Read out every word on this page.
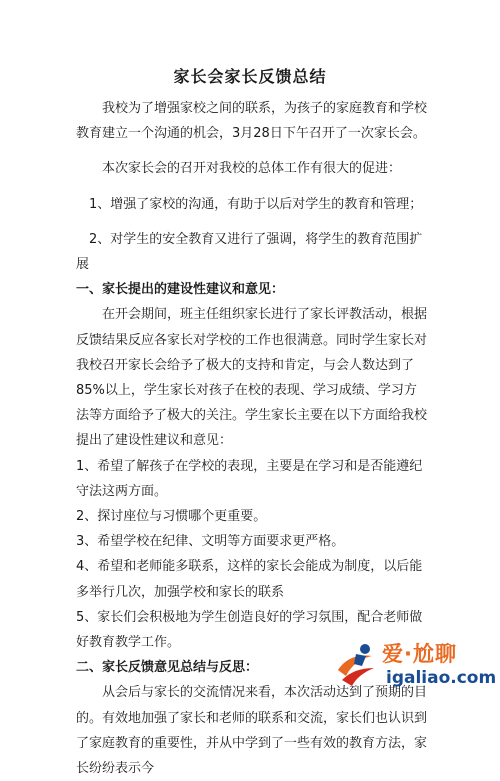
家长会家长反馈总结

我校为了增强家校之间的联系，为孩子的家庭教育和学校教育建立一个沟通的机会，3月28日下午召开了一次家长会。

本次家长会的召开对我校的总体工作有很大的促进：

1、增强了家校的沟通，有助于以后对学生的教育和管理；

2、对学生的安全教育又进行了强调，将学生的教育范围扩展

一、家长提出的建设性建议和意见：

在开会期间，班主任组织家长进行了家长评教活动，根据反馈结果反应各家长对学校的工作也很满意。同时学生家长对我校召开家长会给予了极大的支持和肯定，与会人数达到了85%以上，学生家长对孩子在校的表现、学习成绩、学习方法等方面给予了极大的关注。学生家长主要在以下方面给我校提出了建设性建议和意见：

1、希望了解孩子在学校的表现，主要是在学习和是否能遵纪守法这两方面。

2、探讨座位与习惯哪个更重要。

3、希望学校在纪律、文明等方面要求更严格。

4、希望和老师能多联系，这样的家长会能成为制度，以后能多举行几次，加强学校和家长的联系

5、家长们会积极地为学生创造良好的学习氛围，配合老师做好教育教学工作。

二、家长反馈意见总结与反思：

从会后与家长的交流情况来看，本次活动达到了预期的目的。有效地加强了家长和老师的联系和交流，家长们也认识到了家庭教育的重要性，并从中学到了一些有效的教育方法，家长纷纷表示今

爱·尬聊
igaliao.com
